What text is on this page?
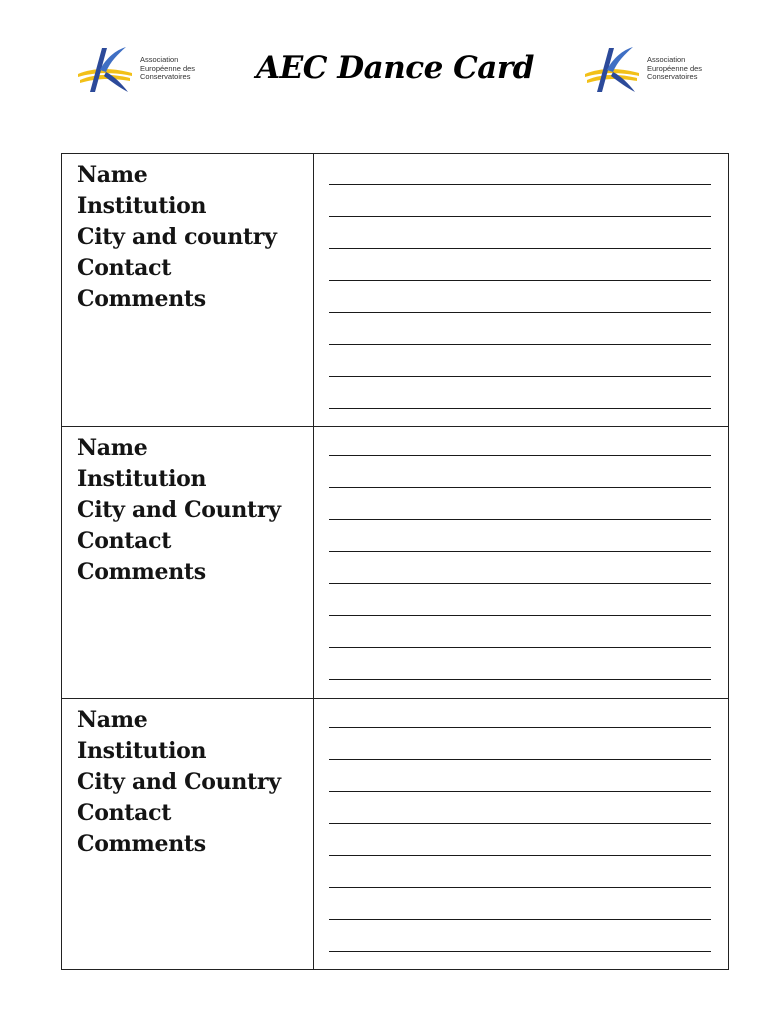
Association
Européenne des
Conservatoires AEC Dance Card	Association
Européenne des
Conservatoires
Name
Institution
City and country
Contact
Comments
Name
Institution
City and Country
Contact
Comments
Name
Institution
City and Country
Contact
Comments
